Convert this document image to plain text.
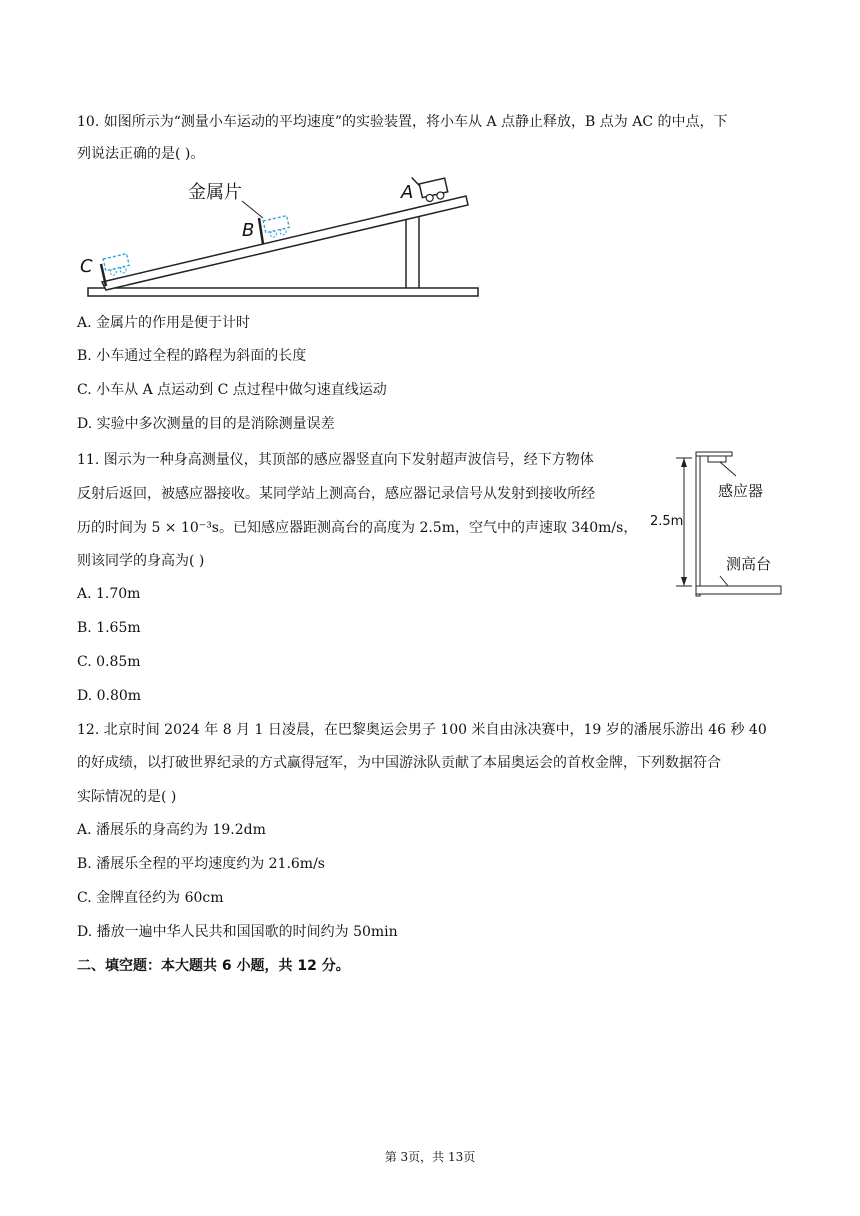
10. 如图所示为“测量小车运动的平均速度”的实验装置，将小车从 A 点静止释放，B 点为 AC 的中点，下
列说法正确的是( )。
金属片	A
B
C
A. 金属片的作用是便于计时
B. 小车通过全程的路程为斜面的长度
C. 小车从 A 点运动到 C 点过程中做匀速直线运动
D. 实验中多次测量的目的是消除测量误差
11. 图示为一种身高测量仪，其顶部的感应器竖直向下发射超声波信号，经下方物体
反射后返回，被感应器接收。某同学站上测高台，感应器记录信号从发射到接收所经
历的时间为 5 × 10⁻³s。已知感应器距测高台的高度为 2.5m，空气中的声速取 340m/s，
则该同学的身高为( )
感应器
测高台
2.5m
A. 1.70m
B. 1.65m
C. 0.85m
D. 0.80m
12. 北京时间 2024 年 8 月 1 日凌晨，在巴黎奥运会男子 100 米自由泳决赛中，19 岁的潘展乐游出 46 秒 40
的好成绩，以打破世界纪录的方式赢得冠军，为中国游泳队贡献了本届奥运会的首枚金牌，下列数据符合
实际情况的是( )
A. 潘展乐的身高约为 19.2dm
B. 潘展乐全程的平均速度约为 21.6m/s
C. 金牌直径约为 60cm
D. 播放一遍中华人民共和国国歌的时间约为 50min
二、填空题：本大题共 6 小题，共 12 分。
第 3页，共 13页
